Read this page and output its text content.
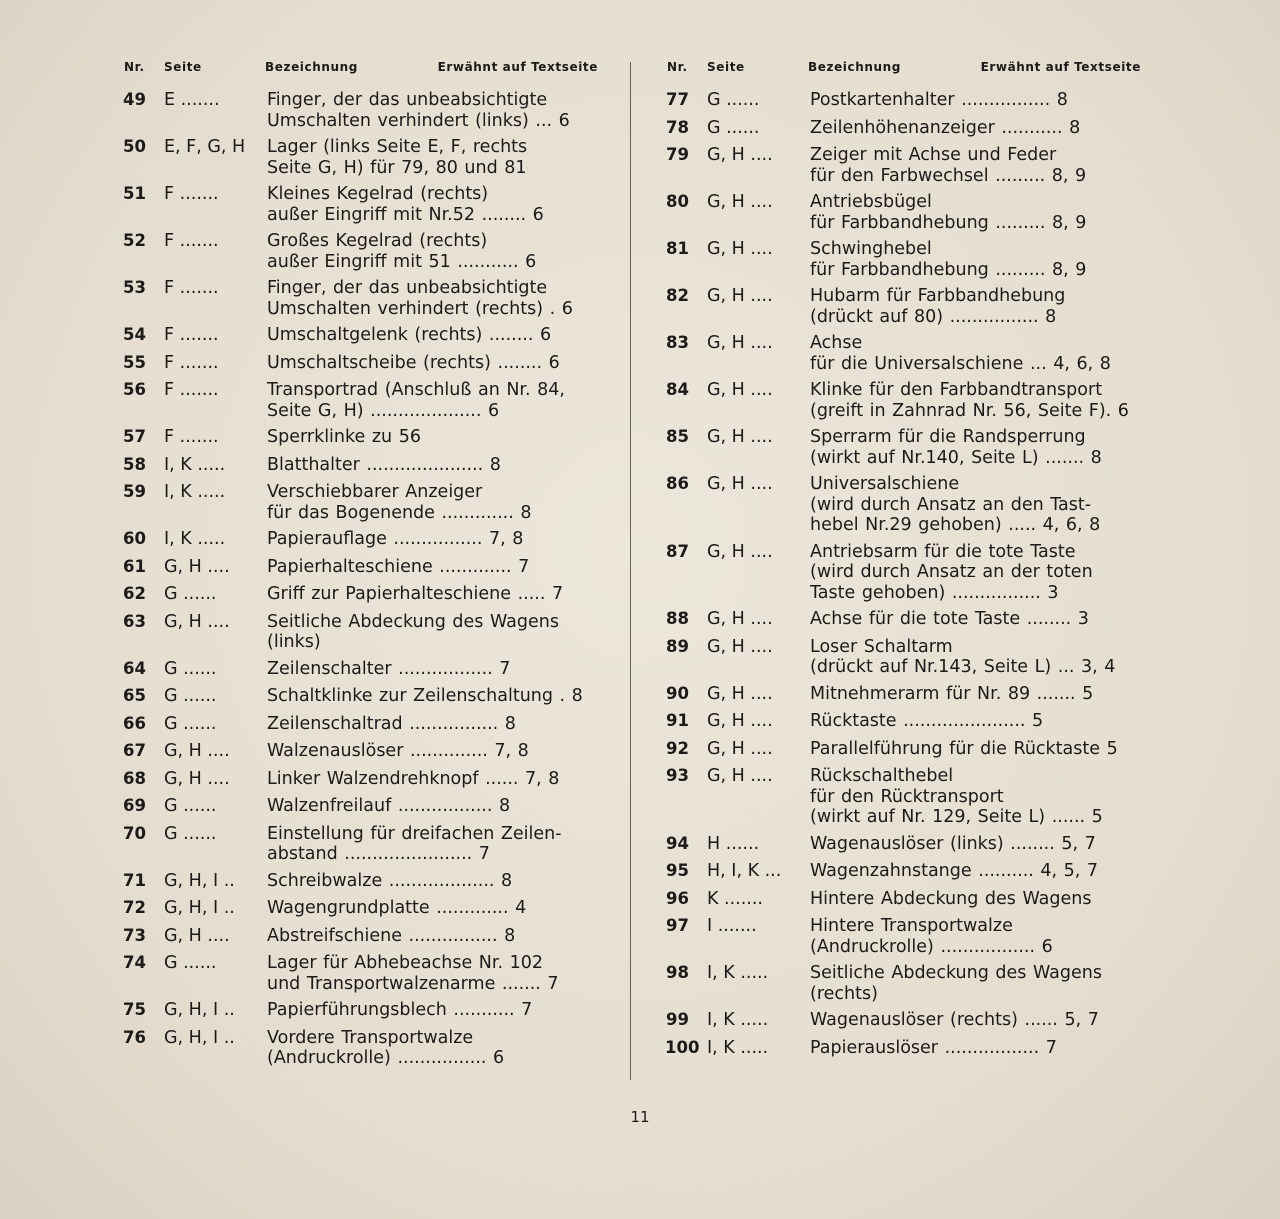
Nr. Seite	Bezeichnung	Erwähnt auf Textseite
49 E .......	Finger, der das unbeabsichtigte
Umschalten verhindert (links) ... 6
50 E, F, G, H	Lager (links Seite E, F, rechts
Seite G, H) für 79, 80 und 81
51 F .......	Kleines Kegelrad (rechts)
außer Eingriff mit Nr.52 ........ 6
52 F .......	Großes Kegelrad (rechts)
außer Eingriff mit 51 ........... 6
53 F .......	Finger, der das unbeabsichtigte
Umschalten verhindert (rechts) . 6
54 F .......	Umschaltgelenk (rechts) ........ 6
55 F .......	Umschaltscheibe (rechts) ........ 6
56 F .......	Transportrad (Anschluß an Nr. 84,
Seite G, H) .................... 6
57 F .......	Sperrklinke zu 56
58 I, K .....	Blatthalter ..................... 8
59 I, K .....	Verschiebbarer Anzeiger
für das Bogenende ............. 8
60 I, K .....	Papierauflage ................ 7, 8
61 G, H ....	Papierhalteschiene ............. 7
62 G ......	Griff zur Papierhalteschiene ..... 7
63 G, H ....	Seitliche Abdeckung des Wagens
(links)
64 G ......	Zeilenschalter ................. 7
65 G ......	Schaltklinke zur Zeilenschaltung . 8
66 G ......	Zeilenschaltrad ................ 8
67 G, H ....	Walzenauslöser .............. 7, 8
68 G, H ....	Linker Walzendrehknopf ...... 7, 8
69 G ......	Walzenfreilauf ................. 8
70 G ......	Einstellung für dreifachen Zeilen-
abstand ....................... 7
71 G, H, I ..	Schreibwalze ................... 8
72 G, H, I ..	Wagengrundplatte ............. 4
73 G, H ....	Abstreifschiene ................ 8
74 G ......	Lager für Abhebeachse Nr. 102
und Transportwalzenarme ....... 7
75 G, H, I ..	Papierführungsblech ........... 7
76 G, H, I ..	Vordere Transportwalze
(Andruckrolle) ................ 6
Nr. Seite	Bezeichnung	Erwähnt auf Textseite
77 G ......	Postkartenhalter ................ 8
78 G ......	Zeilenhöhenanzeiger ........... 8
79 G, H ....	Zeiger mit Achse und Feder
für den Farbwechsel ......... 8, 9
80 G, H ....	Antriebsbügel
für Farbbandhebung ......... 8, 9
81 G, H ....	Schwinghebel
für Farbbandhebung ......... 8, 9
82 G, H ....	Hubarm für Farbbandhebung
(drückt auf 80) ................ 8
83 G, H ....	Achse
für die Universalschiene ... 4, 6, 8
84 G, H ....	Klinke für den Farbbandtransport
(greift in Zahnrad Nr. 56, Seite F). 6
85 G, H ....	Sperrarm für die Randsperrung
(wirkt auf Nr.140, Seite L) ....... 8
86 G, H ....	Universalschiene
(wird durch Ansatz an den Tast-
hebel Nr.29 gehoben) ..... 4, 6, 8
87 G, H ....	Antriebsarm für die tote Taste
(wird durch Ansatz an der toten
Taste gehoben) ................ 3
88 G, H ....	Achse für die tote Taste ........ 3
89 G, H ....	Loser Schaltarm
(drückt auf Nr.143, Seite L) ... 3, 4
90 G, H ....	Mitnehmerarm für Nr. 89 ....... 5
91 G, H ....	Rücktaste ...................... 5
92 G, H ....	Parallelführung für die Rücktaste 5
93 G, H ....	Rückschalthebel
für den Rücktransport
(wirkt auf Nr. 129, Seite L) ...... 5
94 H ......	Wagenauslöser (links) ........ 5, 7
95 H, I, K ...	Wagenzahnstange .......... 4, 5, 7
96 K .......	Hintere Abdeckung des Wagens
97 I .......	Hintere Transportwalze
(Andruckrolle) ................. 6
98 I, K .....	Seitliche Abdeckung des Wagens
(rechts)
99 I, K .....	Wagenauslöser (rechts) ...... 5, 7
100 I, K .....	Papierauslöser ................. 7
11
